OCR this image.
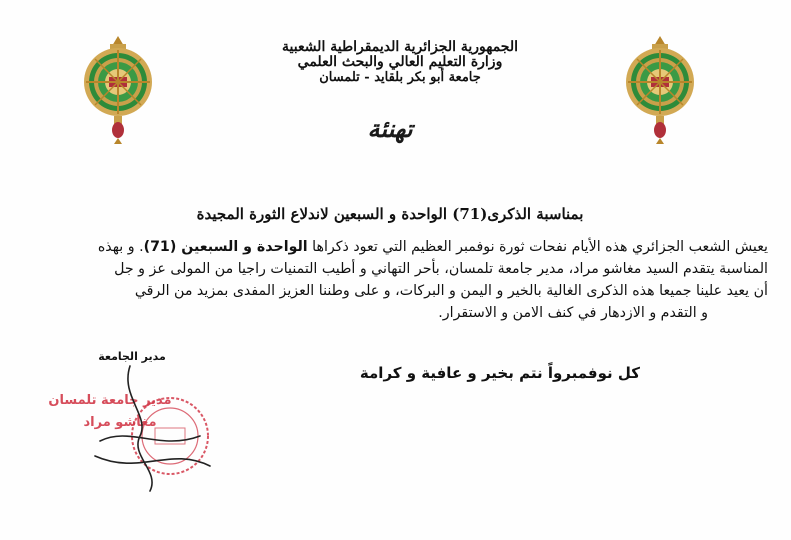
الجمهورية الجزائرية الديمقراطية الشعبية
وزارة التعليم العالي والبحث العلمي
جامعة أبو بكر بلقايد - تلمسان
تهنئة
بمناسبة الذكرى(71) الواحدة و السبعين لاندلاع الثورة المجيدة

يعيش الشعب الجزائري هذه الأيام نفحات ثورة نوفمبر العظيم التي تعود ذكراها الواحدة و السبعين (71). و بهذه

المناسبة يتقدم السيد مغاشو مراد، مدير جامعة تلمسان، بأحر التهاني و أطيب التمنيات راجيا من المولى عز و جل

أن يعيد علينا جميعا هذه الذكرى الغالية بالخير و اليمن و البركات، و على وطننا العزيز المفدى بمزيد من الرقي

و التقدم و الازدهار في كنف الامن و الاستقرار.

كل نوفمبرواً نتم بخير و عافية و كرامة
مدير الجامعة
مدير جامعة تلمسان
مغاشو مراد
